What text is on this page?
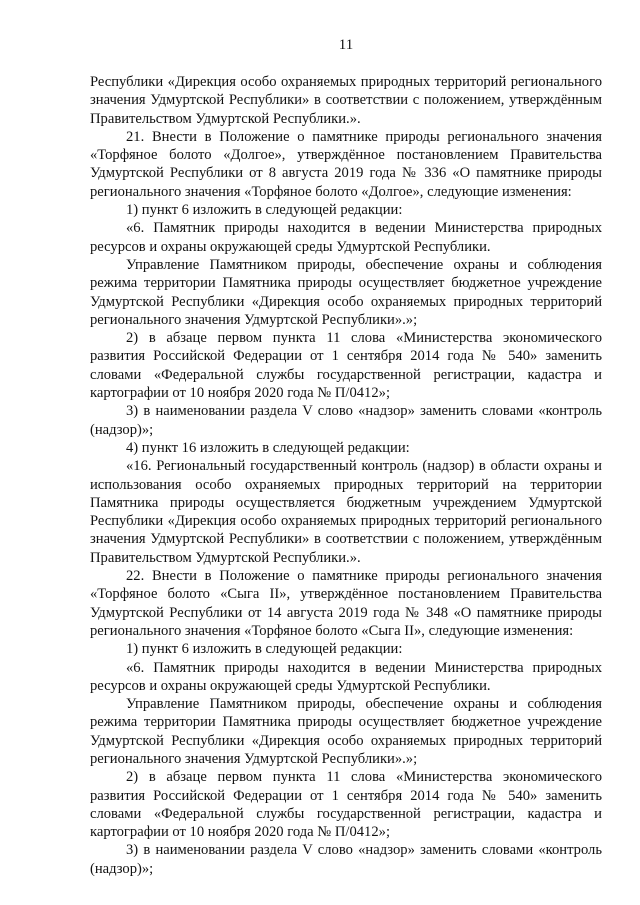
11

Республики «Дирекция особо охраняемых природных территорий регионального значения Удмуртской Республики» в соответствии с положением, утверждённым Правительством Удмуртской Республики.».

21. Внести в Положение о памятнике природы регионального значения «Торфяное болото «Долгое», утверждённое постановлением Правительства Удмуртской Республики от 8 августа 2019 года № 336 «О памятнике природы регионального значения «Торфяное болото «Долгое», следующие изменения:

1) пункт 6 изложить в следующей редакции:

«6. Памятник природы находится в ведении Министерства природных ресурсов и охраны окружающей среды Удмуртской Республики.

Управление Памятником природы, обеспечение охраны и соблюдения режима территории Памятника природы осуществляет бюджетное учреждение Удмуртской Республики «Дирекция особо охраняемых природных территорий регионального значения Удмуртской Республики».»;

2) в абзаце первом пункта 11 слова «Министерства экономического развития Российской Федерации от 1 сентября 2014 года № 540» заменить словами «Федеральной службы государственной регистрации, кадастра и картографии от 10 ноября 2020 года № П/0412»;

3) в наименовании раздела V слово «надзор» заменить словами «контроль (надзор)»;

4) пункт 16 изложить в следующей редакции:

«16. Региональный государственный контроль (надзор) в области охраны и использования особо охраняемых природных территорий на территории Памятника природы осуществляется бюджетным учреждением Удмуртской Республики «Дирекция особо охраняемых природных территорий регионального значения Удмуртской Республики» в соответствии с положением, утверждённым Правительством Удмуртской Республики.».

22. Внести в Положение о памятнике природы регионального значения «Торфяное болото «Сыга II», утверждённое постановлением Правительства Удмуртской Республики от 14 августа 2019 года № 348 «О памятнике природы регионального значения «Торфяное болото «Сыга II», следующие изменения:

1) пункт 6 изложить в следующей редакции:

«6. Памятник природы находится в ведении Министерства природных ресурсов и охраны окружающей среды Удмуртской Республики.

Управление Памятником природы, обеспечение охраны и соблюдения режима территории Памятника природы осуществляет бюджетное учреждение Удмуртской Республики «Дирекция особо охраняемых природных территорий регионального значения Удмуртской Республики».»;

2) в абзаце первом пункта 11 слова «Министерства экономического развития Российской Федерации от 1 сентября 2014 года № 540» заменить словами «Федеральной службы государственной регистрации, кадастра и картографии от 10 ноября 2020 года № П/0412»;

3) в наименовании раздела V слово «надзор» заменить словами «контроль (надзор)»;
